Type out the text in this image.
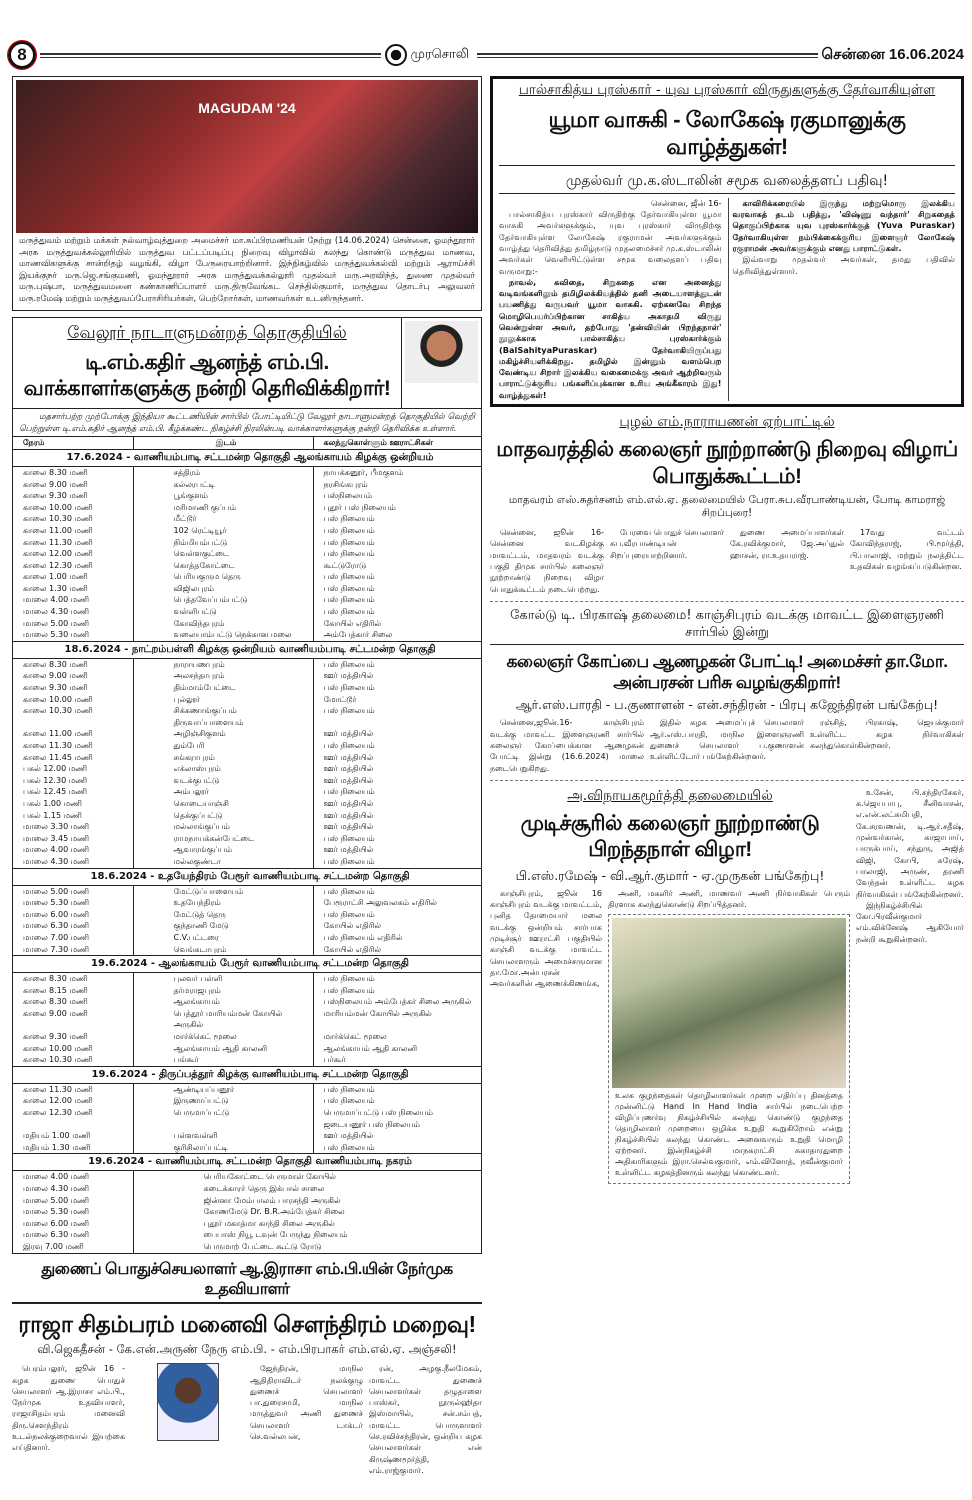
8	முரசொலி	சென்னை 16.06.2024
MAGUDAM '24
மருத்துவம் மற்றும் மக்கள் நல்வாழ்வுத்துறை அமைச்சர் மா.சுப்பிரமணியன் நேற்று (14.06.2024) சென்னை, ஓமந்தூரார் அரசு மருத்துவக்கல்லூரியில் மருத்துவ பட்டப்படிப்பு நிறைவு விழாவில் கலந்து கொண்டு மருத்துவ மாணவ, மாணவிகளுக்கு சான்றிதழ் வழங்கி, விழா பேருரையாற்றினார். இந்நிகழ்வில் மருத்துவக்கல்வி மற்றும் ஆராய்ச்சி இயக்குநர் மரு.ஜெ.சங்குமணி, ஓமந்தூரார் அரசு மருத்துவக்கல்லூரி முதல்வர் மரு.அரவிந்த், துணை முதல்வர் மரு.புஷ்பா, மருத்துவமனை கண்காணிப்பாளர் மரு.திருவேங்கட செந்தில்குமார், மருத்துவ தொடர்பு அலுவலர் மரு.ரமேஷ் மற்றும் மருத்துவப்பேராசிரியர்கள், பெற்றோர்கள், மாணவர்கள் உடனிருந்தனர்.
வேலூர் நாடாளுமன்றத் தொகுதியில்
டி.எம்.கதிர் ஆனந்த் எம்.பி. வாக்காளர்களுக்கு நன்றி தெரிவிக்கிறார்!
மதசார்பற்ற முற்போக்கு இந்தியா கூட்டணியின் சார்பில் போட்டியிட்டு வேலூர் நாடாளுமன்றத் தொகுதியில் வெற்றி பெற்றுள்ள டி.எம்.கதிர் ஆனந்த் எம்.பி. கீழ்க்கண்ட நிகழ்ச்சி நிரலின்படி வாக்காளர்களுக்கு நன்றி தெரிவிக்க உள்ளார்.
நேரம்	இடம்	கலந்துகொள்ளும் ஊராட்சிகள்
17.6.2024 - வாணியம்பாடி சட்டமன்ற தொகுதி ஆலங்காயம் கிழக்கு ஒன்றியம்		
காலை 8.30 மணி	சத்திரம்	நாயக்கனூர், பீமகுளம்
காலை 9.00 மணி	கல்லரபட்டி	நரசிங்கபுரம்
காலை 9.30 மணி	பூங்குளம்	பஸ்நிலையம்
காலை 10.00 மணி	மரிமாணி குப்பம்	புதூர் பஸ் நிலையம்
காலை 10.30 மணி	மீட்டூர்	பஸ் நிலையம்
காலை 11.00 மணி	102 ரெட்டியூர்	பஸ் நிலையம்
காலை 11.30 மணி	நிம்மியம்பட்டு	பஸ் நிலையம்
காலை 12.00 மணி	வெள்ளகுட்டை	பஸ் நிலையம்
காலை 12.30 மணி	கொத்தகோட்டை	கூட்டுரோடு
காலை 1.00 மணி	பெரியகுரும தெரு	பஸ் நிலையம்
காலை 1.30 மணி	விஜிலபுரம்	பஸ் நிலையம்
மாலை 4.00 மணி	பெத்தவேப்பம்பட்டு	பஸ் நிலையம்
மாலை 4.30 மணி	வள்ளிபட்டு	பஸ் நிலையம்
மாலை 5.00 மணி	கோவிந்தபுரம்	கோயில் எதிரில்
மாலை 5.30 மணி	வலையாம்பட்டு நெக்கான மலை	அம்பேத்கார் சிலை
18.6.2024 - நாட்றம்பள்ளி கிழக்கு ஒன்றியம் வாணியம்பாடி சட்டமன்ற தொகுதி		
காலை 8.30 மணி	நாராயணபுரம்	பஸ் நிலையம்
காலை 9.00 மணி	அலசந்தாபுரம்	ஊர் மத்தியில்
காலை 9.30 மணி	திம்மாம்பேட்டை	பஸ் நிலையம்
காலை 10.00 மணி	புல்லூர்	மோட்டூர்
காலை 10.30 மணி	சிக்கணாங்குப்பம் திருவாப்பாளையம்	பஸ் நிலையம்
காலை 11.00 மணி	அழிஞ்சிகுளம்	ஊர் மத்தியில்
காலை 11.30 மணி	தும்பேரி	பஸ் நிலையம்
காலை 11.45 மணி	சங்கராபுரம்	ஊர் மத்தியில்
பகல் 12.00 மணி	எக்லாஸ்புரம்	ஊர் மத்தியில்
பகல் 12.30 மணி	வடக்குபட்டு	ஊர் மத்தியில்
பகல் 12.45 மணி	அம்பலூர்	பஸ் நிலையம்
பகல் 1.00 மணி	கொடையாஞ்சி	ஊர் மத்தியில்
பகல் 1.15 மணி	தெக்குப்பட்டு	ஊர் மத்தியில்
மாலை 3.30 மணி	மல்லாங்குப்பம்	ஊர் மத்தியில்
மாலை 3.45 மணி	ராமநாயக்கன்பேட்டை	பஸ் நிலையம்
மாலை 4.00 மணி	ஆவாரங்குப்பம்	ஊர் மத்தியில்
மாலை 4.30 மணி	மல்லகுண்டா	பஸ் நிலையம்
18.6.2024 - உதயேந்திரம் பேரூர் வாணியம்பாடி சட்டமன்ற தொகுதி		
மாலை 5.00 மணி	மேட்டுப்பாளையம்	பஸ் நிலையம்
மாலை 5.30 மணி	உதயேந்திரம்	பேரூராட்சி அலுவலகம் எதிரில்
மாலை 6.00 மணி	மேட்டுத் தெரு	பஸ் நிலையம்
மாலை 6.30 மணி	குந்தாணி மேடு	கோயில் எதிரில்
மாலை 7.00 மணி	C.V.பட்டரை	பஸ் நிலையம் எதிரில்
மாலை 7.30 மணி	வெங்கடாபுரம்	கோயில் எதிரில்
19.6.2024 - ஆலங்காயம் பேரூர் வாணியம்பாடி சட்டமன்ற தொகுதி		
காலை 8.30 மணி	புலவர் பள்ளி	பஸ் நிலையம்
காலை 8.15 மணி	தர்மராஜபுரம்	பஸ் நிலையம்
காலை 8.30 மணி	ஆலங்காயம்	பஸ்நிலையம் அம்பேத்கர் சிலை அருகில்
காலை 9.00 மணி	பெத்தூர் மாரியம்மன் கோயில் அருகில்	மாரியம்மன் கோயில் அருகில்
காலை 9.30 மணி	மார்க்கெட் மூலை	மார்க்கெட் மூலை
காலை 10.00 மணி	ஆலங்காயம் ஆதி காலனி	ஆலங்காயம் ஆதி காலனி
காலை 10.30 மணி	பங்கூர்	பர்கூர்
19.6.2024 - திருப்பத்தூர் கிழக்கு வாணியம்பாடி சட்டமன்ற தொகுதி		
காலை 11.30 மணி	ஆண்டியப்பனூர்	பஸ் நிலையம்
காலை 12.00 மணி	இருணாப்பட்டு	பஸ் நிலையம்
காலை 12.30 மணி	பெருமாப்பட்டு	பெருமாப்பட்டு பஸ் நிலையம் ஜடையனூர் பஸ் நிலையம்
மதியம் 1.00 மணி	பள்ளவள்ளி	ஊர் மத்தியில்
மதியம் 1.30 மணி	குரிசிலாப்பட்டி	பஸ் நிலையம்
19.6.2024 - வாணியம்பாடி சட்டமன்ற தொகுதி வாணியம்பாடி நகரம்		
மாலை 4.00 மணி	பெரியகோட்டை பெருமாள் கோயில்	
மாலை 4.30 மணி	கடைக்காரர் தெரு இக்பால் சாலை	
மாலை 5.00 மணி	ஜின்னா மேம்பாலம் பாரசந்தி அருகில்	
மாலை 5.30 மணி	கோணமேடு Dr. B.R.அம்பேத்கர் சிலை	
மாலை 6.00 மணி	புதூர் மகாத்மா காந்தி சிலை அருகில்	
மாலை 6.30 மணி	பைபாஸ் நியூ டவுன் பேருந்து நிலையம்	
இரவு 7.00 மணி	பெருமாற் பேட்டை கூட்டு ரோடு	
துணைப் பொதுச்செயலாளர் ஆ.இராசா எம்.பி.யின் நேர்முக உதவியாளர்
ராஜா சிதம்பரம் மனைவி சௌந்திரம் மறைவு!
வி.ஜெகதீசன் - கே.என்.அருண் நேரு எம்.பி. - எம்.பிரபாகர் எம்.எல்.ஏ. அஞ்சலி!

பெரம்பலூர், ஜூன் 16 - கழக துணை பொதுச் செயலாளர் ஆ.இராசா எம்.பி., நேர்முக உதவியாளர், ராஜாசிதம்பரம் மனைவி திரு.சௌந்திரம் உடல்நலக்குறைவால் இயற்கை எய்தினார்.

ஜேந்திரன், மாநில ஆதிதிராவிடர் நலக்குழு துணைச் செயலாளர் பா.துரைசாமி, மாநில மருத்துவர் அணி துணைச் செயலாளர் டாக்டர் செ.வல்லபன்,

ரன், அழகு.நீலமேகம், மாவட்ட துணைச் செயலாளர்கள் தழுதாளை பாஸ்கர், நூருல்ஹிதா இஸ்மாயில், சன்.சம்பத், மாவட்ட பொருளாளர் செ.ரவிச்சந்திரன், ஒன்றிய கழக செயலாளர்கள் என் கிருஷ்ணமூர்த்தி, எம்.ராஜ்குமார்.

பால்சாகித்ய புரஸ்கார் - யுவ புரஸ்கார் விருதுகளுக்கு தேர்வாகியுள்ள
யூமா வாசுகி - லோகேஷ் ரகுமானுக்கு வாழ்த்துகள்!
முதல்வர் மு.க.ஸ்டாலின் சமூக வலைத்தளப் பதிவு!

சென்னை, ஜீன் 16-

பால்சாகித்ய புரஸ்கார் விருதிற்கு தேர்வாகியுள்ள யூமா வாசுகி அவர்களுக்கும், யுவ புரஸ்கார் விருதிற்கு தேர்வாகியுள்ள லோகேஷ் ரகுராமன் அவர்களுக்கும் வாழ்த்து தெரிவித்து தமிழ்நாடு முதலமைச்சர் மு.க.ஸ்டாலின் அவர்கள் வெளியிட்டுள்ள சமூக வலைதளப் பதிவு வருமாறு:-

நாவல், கவிதை, சிறுகதை என அனைத்து வடிவங்களிலும் தமிழிலக்கியத்தில் தனி அடையாளத்துடன் பயணித்து வருபவர் யூமா வாசுகி. ஏற்கனவே சிறந்த மொழிபெயர்ப்பிற்கான சாகித்ய அகாதமி விருது வென்றுள்ள அவர், தற்போது 'தன்வியின் பிறந்தநாள்' நூலுக்காக பால்சாகித்ய புரஸ்கார்க்கும் (BalSahityaPuraskar) தேர்வாகியிருப்பது மகிழ்ச்சியளிக்கிறது. தமிழில் இன்னும் வளம்பெற வேண்டிய சிறார் இலக்கிய வகைமைக்கு அவர் ஆற்றிவரும் பாராட்டுக்குரிய பங்களிப்புக்கான உரிய அங்கீகாரம் இது! வாழ்த்துகள்!

காவிரிக்கரையில் இருந்து மற்றுமொரு இலக்கிய வரவாகத் தடம் பதித்து, 'விஷ்ணு வந்தார்' சிறுகதைத் தொகுப்பிற்காக யுவ புரஸ்கார்க்குத் (Yuva Puraskar) தேர்வாகியுள்ள நம்பிக்கைக்குரிய இளைஞர் லோகேஷ் ரகுராமன் அவர்களுக்கும் எனது பாராட்டுகள்.

இவ்வாறு முதல்வர் அவர்கள், தமது பதிவில் தெரிவித்துள்ளார்.

புழல் எம்.நாராயணன் ஏற்பாட்டில்
மாதவரத்தில் கலைஞர் நூற்றாண்டு நிறைவு விழாப் பொதுக்கூட்டம்!
மாதவரம் எஸ்.சுதர்சனம் எம்.எல்.ஏ. தலைமையில் பேரா.சுப.வீரபாண்டியன், போடி காமராஜ் சிறப்புரை!

சென்னை, ஜூன் 16- சென்னை வடகிழக்கு மாவட்டம், மாதவரம் வடக்கு பகுதி திமுக சார்பில் கலைஞர் நூற்றாண்டு நிறைவு விழா பொதுக்கூட்டம் நடைபெற்றது.

பேரவை பொதுச் செயலாளர் சுப.வீரபாண்டியன் சிறப்புரையாற்றினார்.

துணை அமைப்பாளர்கள் கே.ரவிக்குமார், ஜே.அப்துல் ஹாசன், ரா.உதயராஜ்.

17வது வட்டம் கோவிந்தராஜ், பி.மூர்த்தி, பி.பாலாஜி, மற்றும் நலத்திட்ட உதவிகள் வழங்கப்படுகின்றன.

கோல்டு டி. பிரகாஷ் தலைமை! காஞ்சிபுரம் வடக்கு மாவட்ட இளைஞரணி சார்பில் இன்று
கலைஞர் கோப்பை ஆணழகன் போட்டி! அமைச்சர் தா.மோ. அன்பரசன் பரிசு வழங்குகிறார்!
ஆர்.எஸ்.பாரதி - ப.குணாளன் - என்.சந்திரன் - பிரபு கஜேந்திரன் பங்கேற்பு!

சென்னை,ஜூன்.16- காஞ்சிபுரம் வடக்கு மாவட்ட இளைஞரணி சார்பில் கலைஞர் கோப்பைக்கான ஆணழகன் போட்டி இன்று (16.6.2024) மாலை நடைபெறுகிறது.

இதில் கழக அமைப்புச் செயலாளர் ஆர்.எஸ்.பாரதி, மாநில இளைஞரணி துணைச் செயலாளர் ப.குணாளன் உள்ளிட்டோர் பங்கேற்கின்றனர்.

ரஞ்சித், பிரகாஷ், ஜெயக்குமார் உள்ளிட்ட கழக நிர்வாகிகள் கலந்துகொள்கின்றனர்.

அ.விநாயகமூர்த்தி தலைமையில்
முடிச்சூரில் கலைஞர் நூற்றாண்டு பிறந்தநாள் விழா!
பி.எஸ்.ரமேஷ் - வி.ஆர்.குமார் - ஏ.முருகன் பங்கேற்பு!

காஞ்சிபுரம், ஜூன் 16 காஞ்சிபுரம் வடக்கு மாவட்டம், புனித தோமையார் மலை வடக்கு ஒன்றியம் சார்பாக முடிச்சூர் ஊராட்சி பகுதியில் காஞ்சி வடக்கு மாவட்ட செயலாளரும் அமைச்சருமான தா.மோ.அன்பரசன் அவர்களின் ஆணைக்கிணங்க,

அணி, மகளிர் அணி, மாணவர் அணி நிர்வாகிகள் பெரும் திரளாக கலந்துகொண்டு சிறப்பித்தனர்.

உலக குழந்தைகள் தொழிலாளர்கள் முறை எதிர்ப்பு தினத்தை முன்னிட்டு Hand In Hand India சார்பில் நடைபெற்ற விழிப்புணர்வு நிகழ்ச்சியில் கலந்து கொண்டு குழந்தை தொழிலாளர் முறையை ஒழிக்க உறுதி கூறுகிறோம் என்று நிகழ்ச்சியில் கலந்து கொண்ட அனைவரும் உறுதி மொழி ஏற்றனர். இன்நிகழ்ச்சி மாநகராட்சி சுகாதாரதுறை அதிகாரிகளும் இரா.செல்வகுமார், எம்.வினோத், நவீன்குமார் உள்ளிட்ட கழகத்தினரும் கலந்து கொண்டனர்.

உசேன், பி.சந்திரசேகர், க.ஜெயபாபு, சீனிவாசன், எ.என்.லட்சுமிபதி, கே.சரவணன், டி.ஆர்.சதீஷ், முன்வர்கான், காஜாபாய், பாருக்பாய், சந்துரு, அஜித் விஜி, கோபி, சுரேஷ், பாலாஜி, அருண், தரணி வேந்தன் உள்ளிட்ட கழக நிர்வாகிகள் பங்கேற்கின்றனர்.

இந்நிகழ்ச்சியில் கோ.பிரவீன்குமார் எம்.விக்னேஷ் ஆகியோர் நன்றி கூறுகின்றனர்.
